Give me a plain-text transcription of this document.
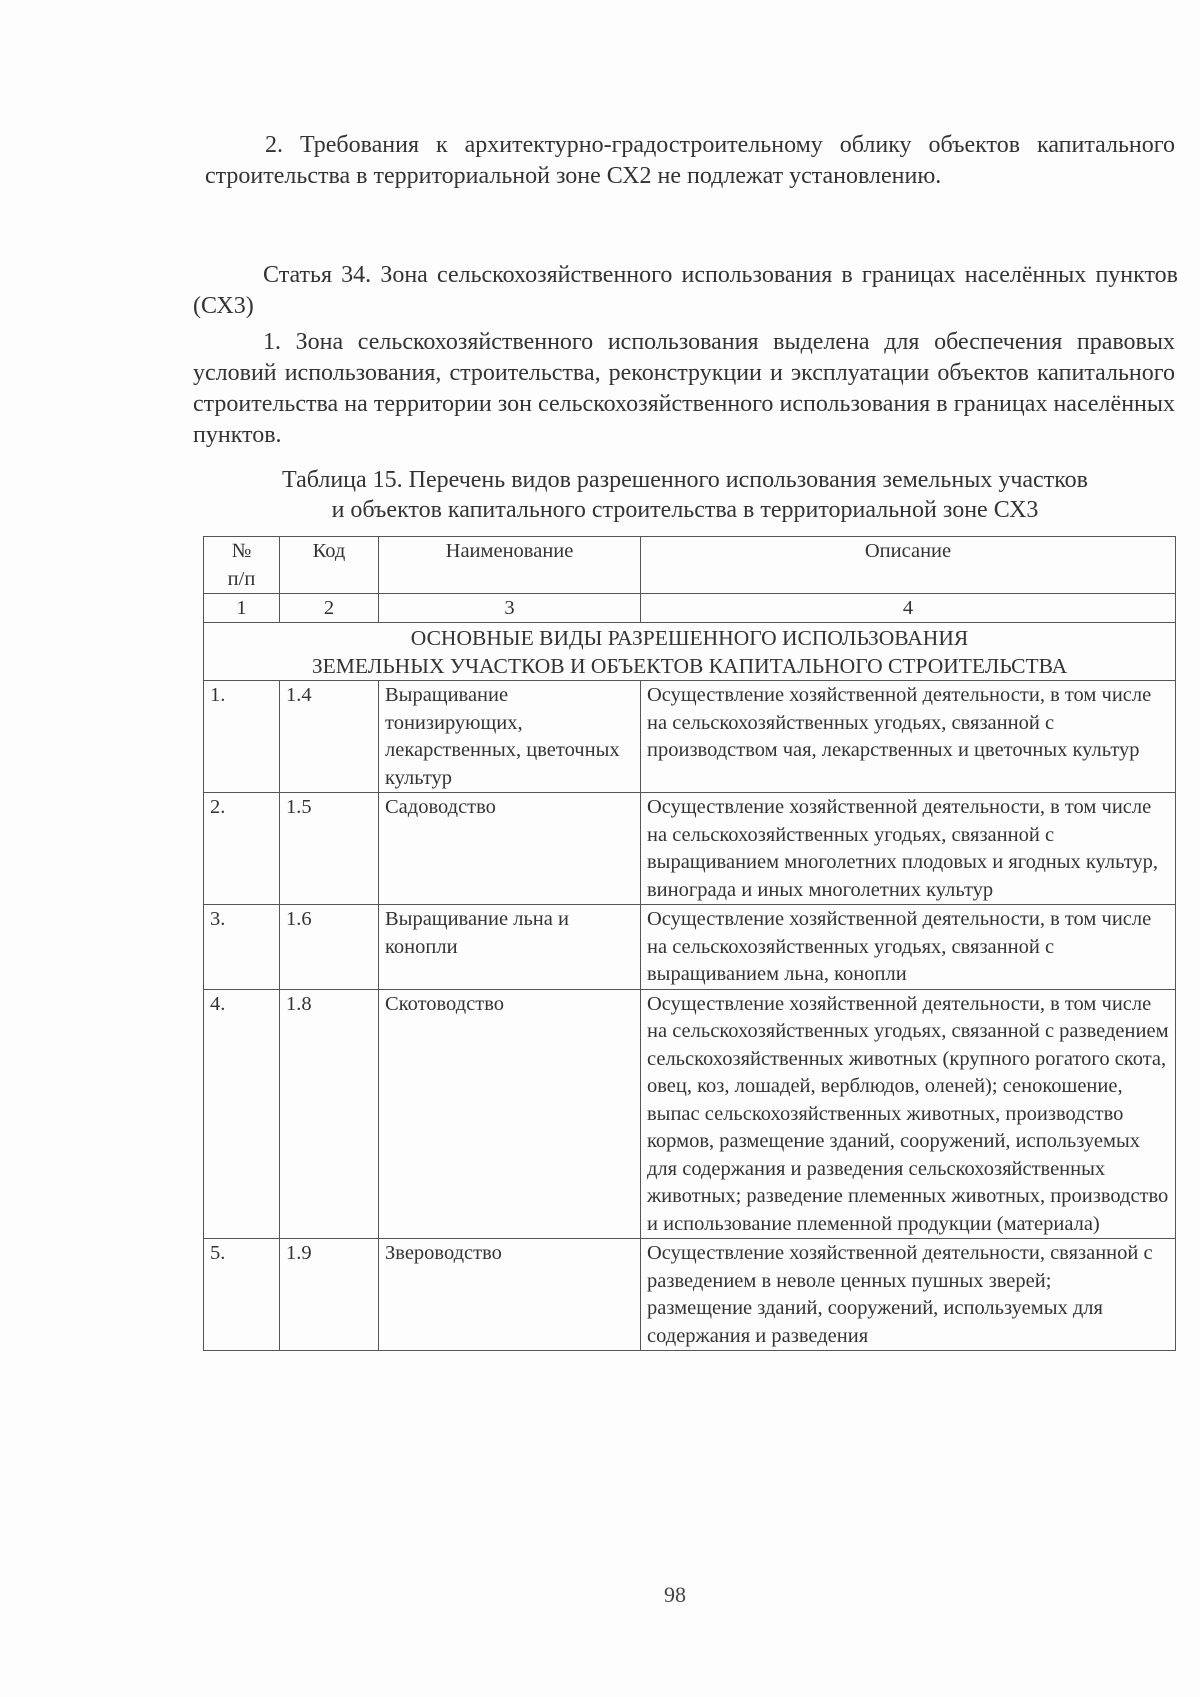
2. Требования к архитектурно-градостроительному облику объектов капитального строительства в территориальной зоне СХ2 не подлежат установлению.

Статья 34. Зона сельскохозяйственного использования в границах населённых пунктов (СХ3)

1. Зона сельскохозяйственного использования выделена для обеспечения правовых условий использования, строительства, реконструкции и эксплуатации объектов капитального строительства на территории зон сельскохозяйственного использования в границах населённых пунктов.

Таблица 15. Перечень видов разрешенного использования земельных участков
и объектов капитального строительства в территориальной зоне СХ3
№
п/п	Код	Наименование	Описание
1	2	3	4

ОСНОВНЫЕ ВИДЫ РАЗРЕШЕННОГО ИСПОЛЬЗОВАНИЯ
ЗЕМЕЛЬНЫХ УЧАСТКОВ И ОБЪЕКТОВ КАПИТАЛЬНОГО СТРОИТЕЛЬСТВА			

1.	1.4	Выращивание тонизирующих, лекарственных, цветочных культур	Осуществление хозяйственной деятельности, в том числе на сельскохозяйственных угодьях, связанной с производством чая, лекарственных и цветочных культур
2.	1.5	Садоводство	Осуществление хозяйственной деятельности, в том числе на сельскохозяйственных угодьях, связанной с выращиванием многолетних плодовых и ягодных культур, винограда и иных многолетних культур
3.	1.6	Выращивание льна и конопли	Осуществление хозяйственной деятельности, в том числе на сельскохозяйственных угодьях, связанной с выращиванием льна, конопли
4.	1.8	Скотоводство	Осуществление хозяйственной деятельности, в том числе на сельскохозяйственных угодьях, связанной с разведением сельскохозяйственных животных (крупного рогатого скота, овец, коз, лошадей, верблюдов, оленей); сенокошение, выпас сельскохозяйственных животных, производство кормов, размещение зданий, сооружений, используемых для содержания и разведения сельскохозяйственных животных; разведение племенных животных, производство и использование племенной продукции (материала)
5.	1.9	Звероводство	Осуществление хозяйственной деятельности, связанной с разведением в неволе ценных пушных зверей;
размещение зданий, сооружений, используемых для содержания и разведения
98
